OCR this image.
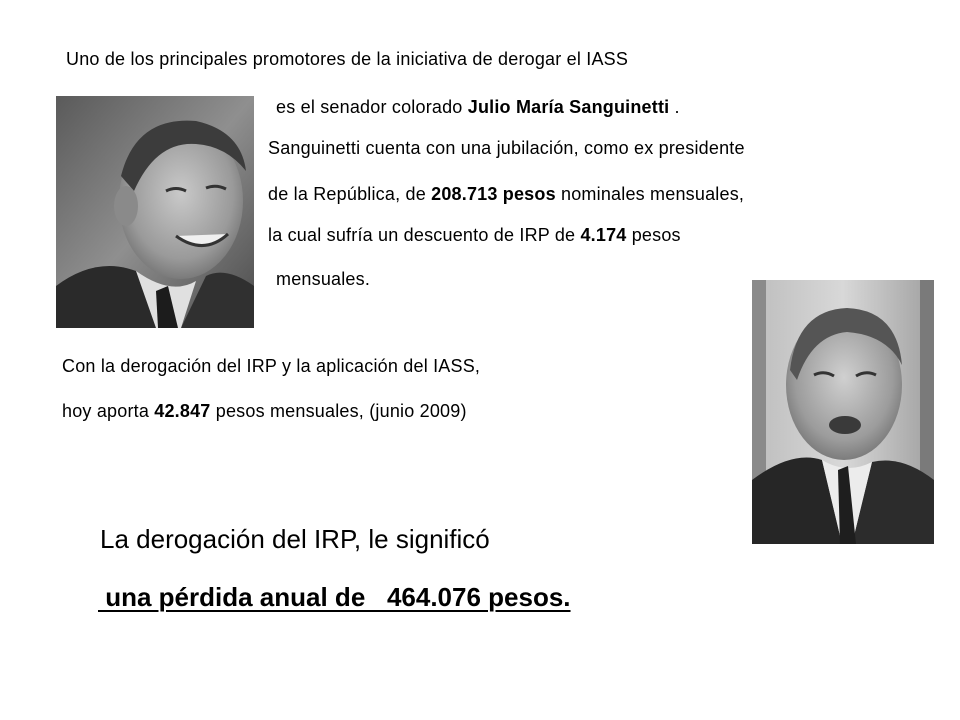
Uno de los principales promotores de la iniciativa de derogar el IASS
es el senador colorado Julio María Sanguinetti .
Sanguinetti cuenta con una jubilación, como ex presidente
de la República, de 208.713 pesos nominales mensuales,
la cual sufría un descuento de IRP de 4.174 pesos
mensuales.
Con la derogación del IRP y la aplicación del IASS,
hoy aporta 42.847 pesos mensuales, (junio 2009)
La derogación del IRP, le significó
una pérdida anual de   464.076 pesos.
